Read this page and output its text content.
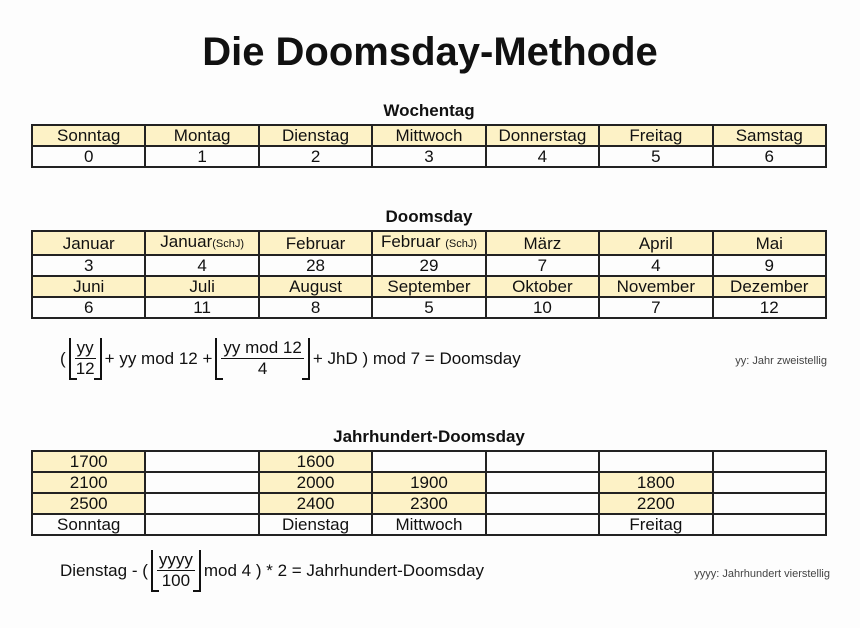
Die Doomsday-Methode
Wochentag
Sonntag	Montag	Dienstag	Mittwoch	Donnerstag	Freitag	Samstag
0	1	2	3	4	5	6
Doomsday
Januar	Januar(SchJ)	Februar	Februar (SchJ)	März	April	Mai
3	4	28	29	7	4	9
Juni	Juli	August	September	Oktober	November	Dezember
6	11	8	5	10	7	12
( $\frac{yy}{12}$ + yy mod $12 + \frac{\text{yy mod 12}}{4}$ + JhD ) mod 7 = Doomsday	yy: Jahr zweistellig
Jahrhundert-Doomsday
1700		1600				
2100		2000	1900		1800	
2500		2400	2300		2200	
Sonntag		Dienstag	Mittwoch		Freitag	
Dienstag - ( $\frac{\text{yyyy}}{100}$ mod 4 ) * 2 = Jahrhundert-Doomsday	yyyy: Jahrhundert vierstellig
